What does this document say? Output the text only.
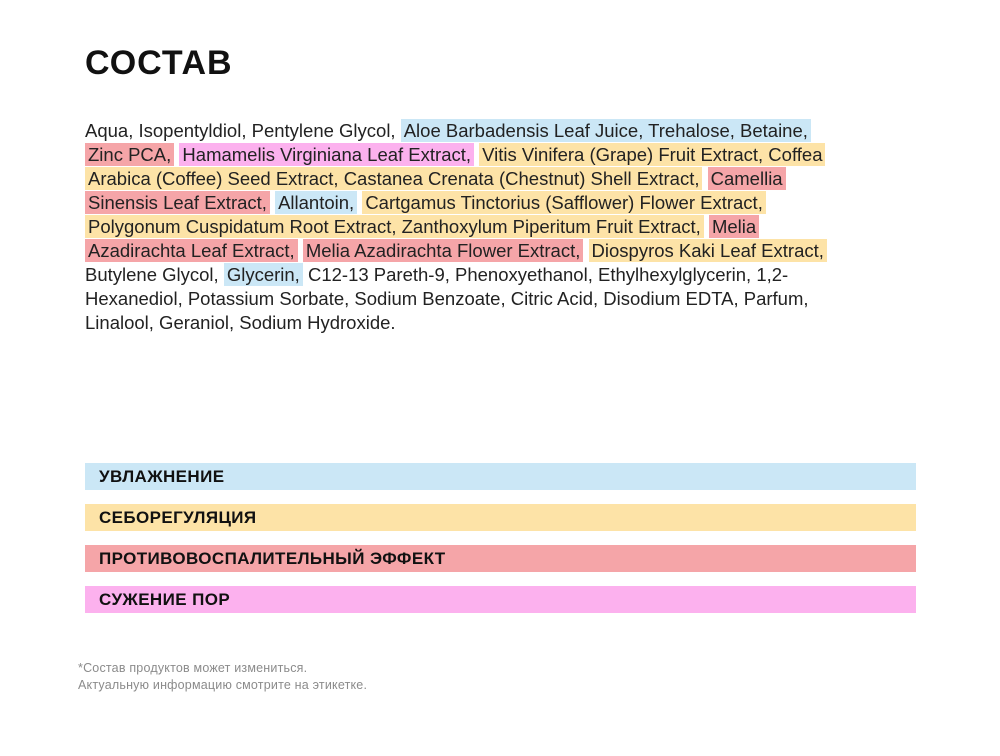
СОСТАВ
Aqua, Isopentyldiol, Pentylene Glycol, Aloe Barbadensis Leaf Juice, Trehalose, Betaine,
Zinc PCA, Hamamelis Virginiana Leaf Extract, Vitis Vinifera (Grape) Fruit Extract, Coffea
Arabica (Coffee) Seed Extract, Castanea Crenata (Chestnut) Shell Extract, Camellia
Sinensis Leaf Extract, Allantoin, Cartgamus Tinctorius (Safflower) Flower Extract,
Polygonum Cuspidatum Root Extract, Zanthoxylum Piperitum Fruit Extract, Melia
Azadirachta Leaf Extract, Melia Azadirachta Flower Extract, Diospyros Kaki Leaf Extract,
Butylene Glycol, Glycerin, C12-13 Pareth-9, Phenoxyethanol, Ethylhexylglycerin, 1,2-
Hexanediol, Potassium Sorbate, Sodium Benzoate, Citric Acid, Disodium EDTA, Parfum,
Linalool, Geraniol, Sodium Hydroxide.
УВЛАЖНЕНИЕ
СЕБОРЕГУЛЯЦИЯ
ПРОТИВОВОСПАЛИТЕЛЬНЫЙ ЭФФЕКТ
СУЖЕНИЕ ПОР
*Состав продуктов может измениться.
Актуальную информацию смотрите на этикетке.
